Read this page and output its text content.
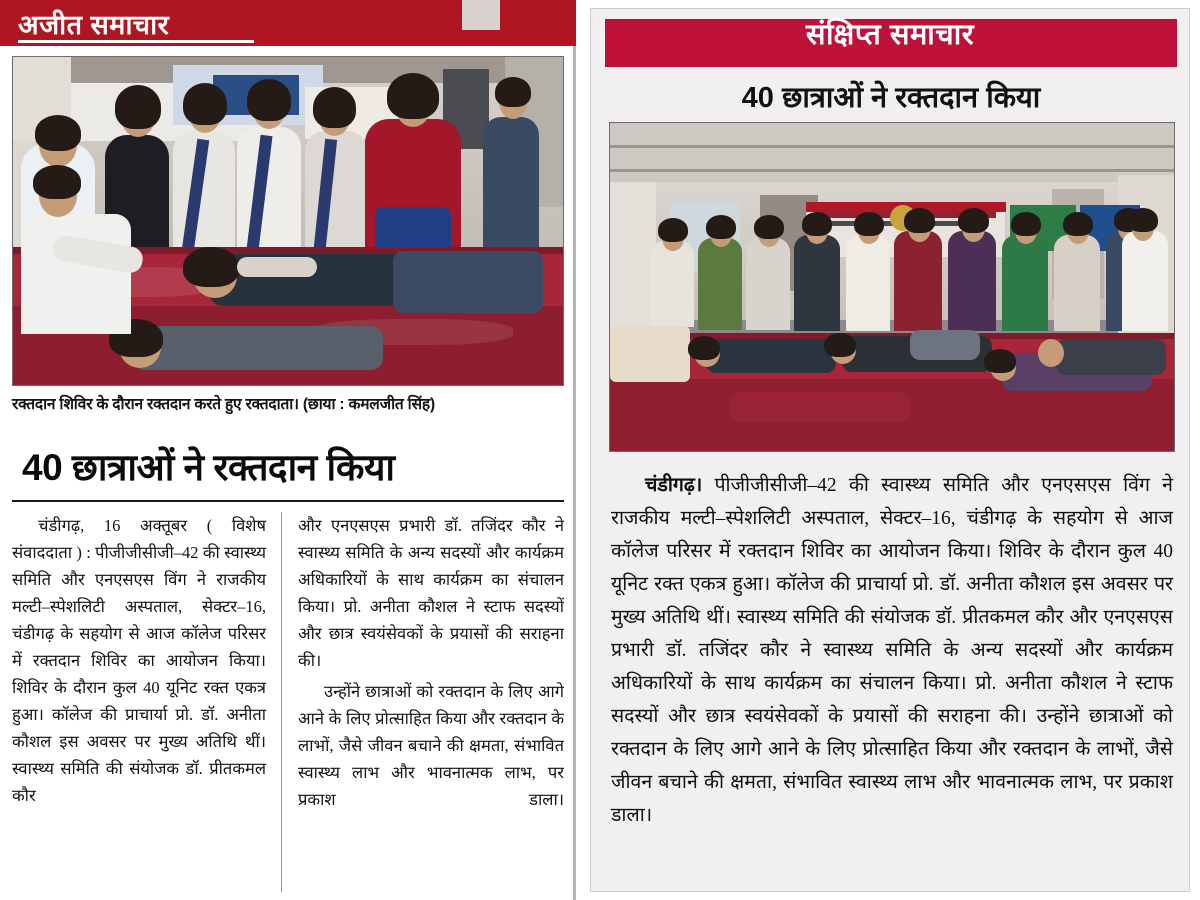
अजीत समाचार
रक्तदान शिविर के दौरान रक्तदान करते हुए रक्तदाता। (छाया : कमलजीत सिंह)
40 छात्राओं ने रक्तदान किया

चंडीगढ़, 16 अक्तूबर ( विशेष संवाददाता ) : पीजीजीसीजी–42 की स्वास्थ्य समिति और एनएसएस विंग ने राजकीय मल्टी–स्पेशलिटी अस्पताल, सेक्टर–16, चंडीगढ़ के सहयोग से आज कॉलेज परिसर में रक्तदान शिविर का आयोजन किया। शिविर के दौरान कुल 40 यूनिट रक्त एकत्र हुआ। कॉलेज की प्राचार्या प्रो. डॉ. अनीता कौशल इस अवसर पर मुख्य अतिथि थीं। स्वास्थ्य समिति की संयोजक डॉ. प्रीतकमल कौर

और एनएसएस प्रभारी डॉ. तजिंदर कौर ने स्वास्थ्य समिति के अन्य सदस्यों और कार्यक्रम अधिकारियों के साथ कार्यक्रम का संचालन किया। प्रो. अनीता कौशल ने स्टाफ सदस्यों और छात्र स्वयंसेवकों के प्रयासों की सराहना की।

उन्होंने छात्राओं को रक्तदान के लिए आगे आने के लिए प्रोत्साहित किया और रक्तदान के लाभों, जैसे जीवन बचाने की क्षमता, संभावित स्वास्थ्य लाभ और भावनात्मक लाभ, पर प्रकाश डाला।

संक्षिप्त समाचार
40 छात्राओं ने रक्तदान किया

चंडीगढ़। पीजीजीसीजी–42 की स्वास्थ्य समिति और एनएसएस विंग ने राजकीय मल्टी–स्पेशलिटी अस्पताल, सेक्टर–16, चंडीगढ़ के सहयोग से आज कॉलेज परिसर में रक्तदान शिविर का आयोजन किया। शिविर के दौरान कुल 40 यूनिट रक्त एकत्र हुआ। कॉलेज की प्राचार्या प्रो. डॉ. अनीता कौशल इस अवसर पर मुख्य अतिथि थीं। स्वास्थ्य समिति की संयोजक डॉ. प्रीतकमल कौर और एनएसएस प्रभारी डॉ. तजिंदर कौर ने स्वास्थ्य समिति के अन्य सदस्यों और कार्यक्रम अधिकारियों के साथ कार्यक्रम का संचालन किया। प्रो. अनीता कौशल ने स्टाफ सदस्यों और छात्र स्वयंसेवकों के प्रयासों की सराहना की। उन्होंने छात्राओं को रक्तदान के लिए आगे आने के लिए प्रोत्साहित किया और रक्तदान के लाभों, जैसे जीवन बचाने की क्षमता, संभावित स्वास्थ्य लाभ और भावनात्मक लाभ, पर प्रकाश डाला।
